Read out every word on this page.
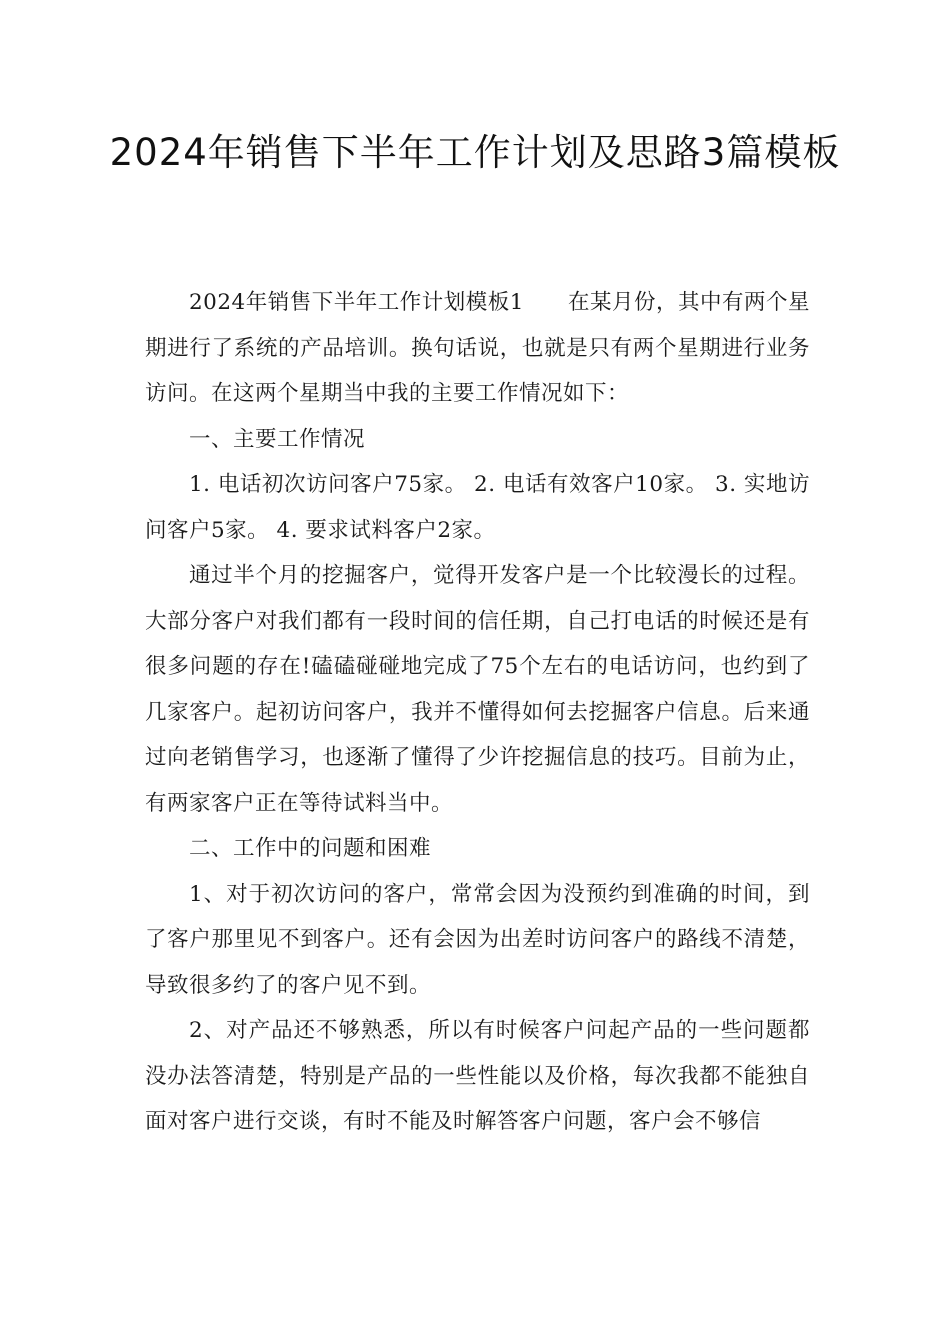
2024年销售下半年工作计划及思路3篇模板

2024年销售下半年工作计划模板1 在某月份，其中有两个星期进行了系统的产品培训。换句话说，也就是只有两个星期进行业务访问。在这两个星期当中我的主要工作情况如下：

一、主要工作情况

1. 电话初次访问客户75家。 2. 电话有效客户10家。 3. 实地访问客户5家。 4. 要求试料客户2家。

通过半个月的挖掘客户，觉得开发客户是一个比较漫长的过程。大部分客户对我们都有一段时间的信任期，自己打电话的时候还是有很多问题的存在!磕磕碰碰地完成了75个左右的电话访问，也约到了几家客户。起初访问客户，我并不懂得如何去挖掘客户信息。后来通过向老销售学习，也逐渐了懂得了少许挖掘信息的技巧。目前为止，有两家客户正在等待试料当中。

二、工作中的问题和困难

1、对于初次访问的客户，常常会因为没预约到准确的时间，到了客户那里见不到客户。还有会因为出差时访问客户的路线不清楚，导致很多约了的客户见不到。

2、对产品还不够熟悉，所以有时候客户问起产品的一些问题都没办法答清楚，特别是产品的一些性能以及价格，每次我都不能独自面对客户进行交谈，有时不能及时解答客户问题，客户会不够信
